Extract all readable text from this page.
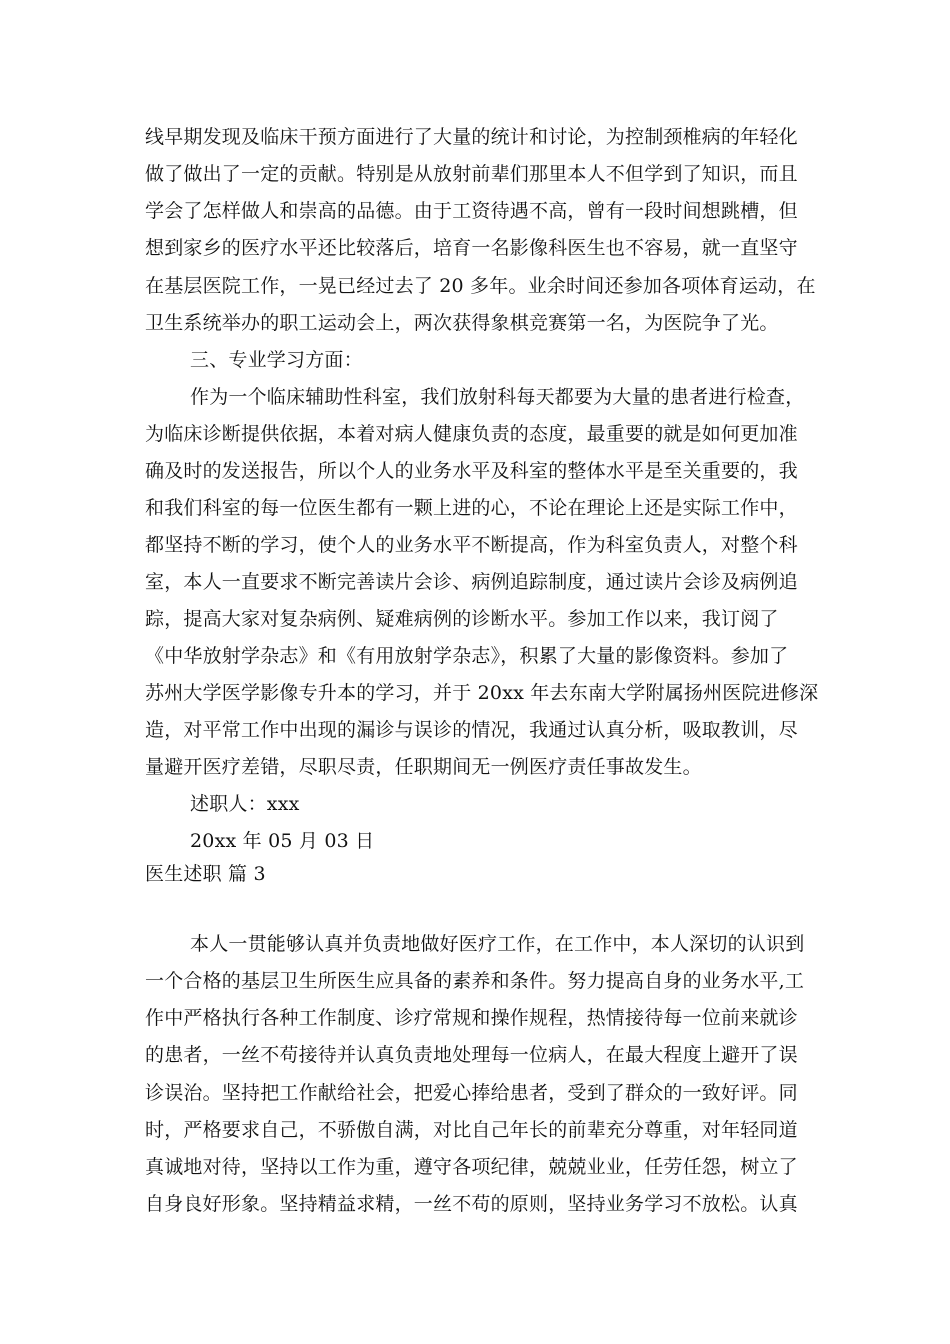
线早期发现及临床干预方面进行了大量的统计和讨论，为控制颈椎病的年轻化
做了做出了一定的贡献。特别是从放射前辈们那里本人不但学到了知识，而且
学会了怎样做人和崇高的品德。由于工资待遇不高，曾有一段时间想跳槽，但
想到家乡的医疗水平还比较落后，培育一名影像科医生也不容易，就一直坚守
在基层医院工作，一晃已经过去了 20 多年。业余时间还参加各项体育运动，在
卫生系统举办的职工运动会上，两次获得象棋竞赛第一名，为医院争了光。
三、专业学习方面：
作为一个临床辅助性科室，我们放射科每天都要为大量的患者进行检查，
为临床诊断提供依据，本着对病人健康负责的态度，最重要的就是如何更加准
确及时的发送报告，所以个人的业务水平及科室的整体水平是至关重要的，我
和我们科室的每一位医生都有一颗上进的心，不论在理论上还是实际工作中，
都坚持不断的学习，使个人的业务水平不断提高，作为科室负责人，对整个科
室，本人一直要求不断完善读片会诊、病例追踪制度，通过读片会诊及病例追
踪，提高大家对复杂病例、疑难病例的诊断水平。参加工作以来，我订阅了
《中华放射学杂志》和《有用放射学杂志》，积累了大量的影像资料。参加了
苏州大学医学影像专升本的学习，并于 20xx 年去东南大学附属扬州医院进修深
造，对平常工作中出现的漏诊与误诊的情况，我通过认真分析，吸取教训，尽
量避开医疗差错，尽职尽责，任职期间无一例医疗责任事故发生。
述职人：xxx
20xx 年 05 月 03 日
医生述职 篇 3
本人一贯能够认真并负责地做好医疗工作，在工作中，本人深切的认识到
一个合格的基层卫生所医生应具备的素养和条件。努力提高自身的业务水平,工
作中严格执行各种工作制度、诊疗常规和操作规程，热情接待每一位前来就诊
的患者，一丝不苟接待并认真负责地处理每一位病人，在最大程度上避开了误
诊误治。坚持把工作献给社会，把爱心捧给患者，受到了群众的一致好评。同
时，严格要求自己，不骄傲自满，对比自己年长的前辈充分尊重，对年轻同道
真诚地对待，坚持以工作为重，遵守各项纪律，兢兢业业，任劳任怨，树立了
自身良好形象。坚持精益求精，一丝不苟的原则，坚持业务学习不放松。认真
